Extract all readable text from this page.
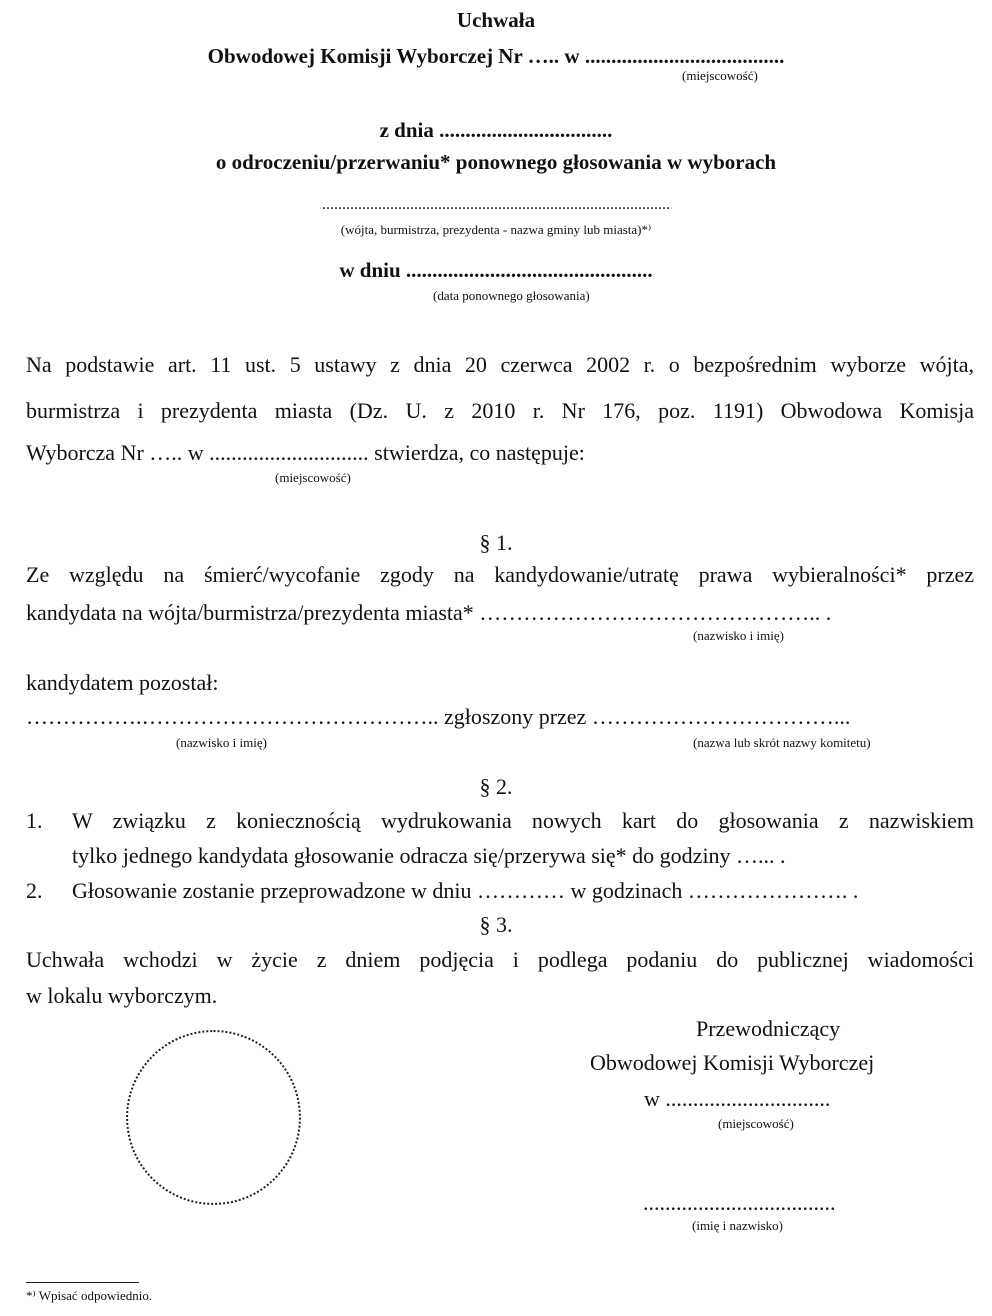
Uchwała
Obwodowej Komisji Wyborczej Nr ….. w ......................................
(miejscowość)
z dnia .................................
o odroczeniu/przerwaniu* ponownego głosowania w wyborach
.......................................................................................
(wójta, burmistrza, prezydenta - nazwa gminy lub miasta)*⁾
w dniu ...............................................
(data ponownego głosowania)
Na podstawie art. 11 ust. 5 ustawy z dnia 20 czerwca 2002 r. o bezpośrednim wyborze wójta,
burmistrza i prezydenta miasta (Dz. U. z 2010 r. Nr 176, poz. 1191) Obwodowa Komisja
Wyborcza Nr ….. w ............................. stwierdza, co następuje:
(miejscowość)
§ 1.
Ze względu na śmierć/wycofanie zgody na kandydowanie/utratę prawa wybieralności* przez
kandydata na wójta/burmistrza/prezydenta miasta* ……………………………………….. .
(nazwisko i imię)
kandydatem pozostał:
…………….………………………………….. zgłoszony przez ……………………………...
(nazwisko i imię)	(nazwa lub skrót nazwy komitetu)
§ 2.
1. W związku z koniecznością wydrukowania nowych kart do głosowania z nazwiskiem
tylko jednego kandydata głosowanie odracza się/przerywa się* do godziny …... .
2. Głosowanie zostanie przeprowadzone w dniu ………… w godzinach …………………. .
§ 3.
Uchwała wchodzi w życie z dniem podjęcia i podlega podaniu do publicznej wiadomości
w lokalu wyborczym.
Przewodniczący
Obwodowej Komisji Wyborczej
w ..............................
(miejscowość)
...................................
(imię i nazwisko)
*⁾ Wpisać odpowiednio.
